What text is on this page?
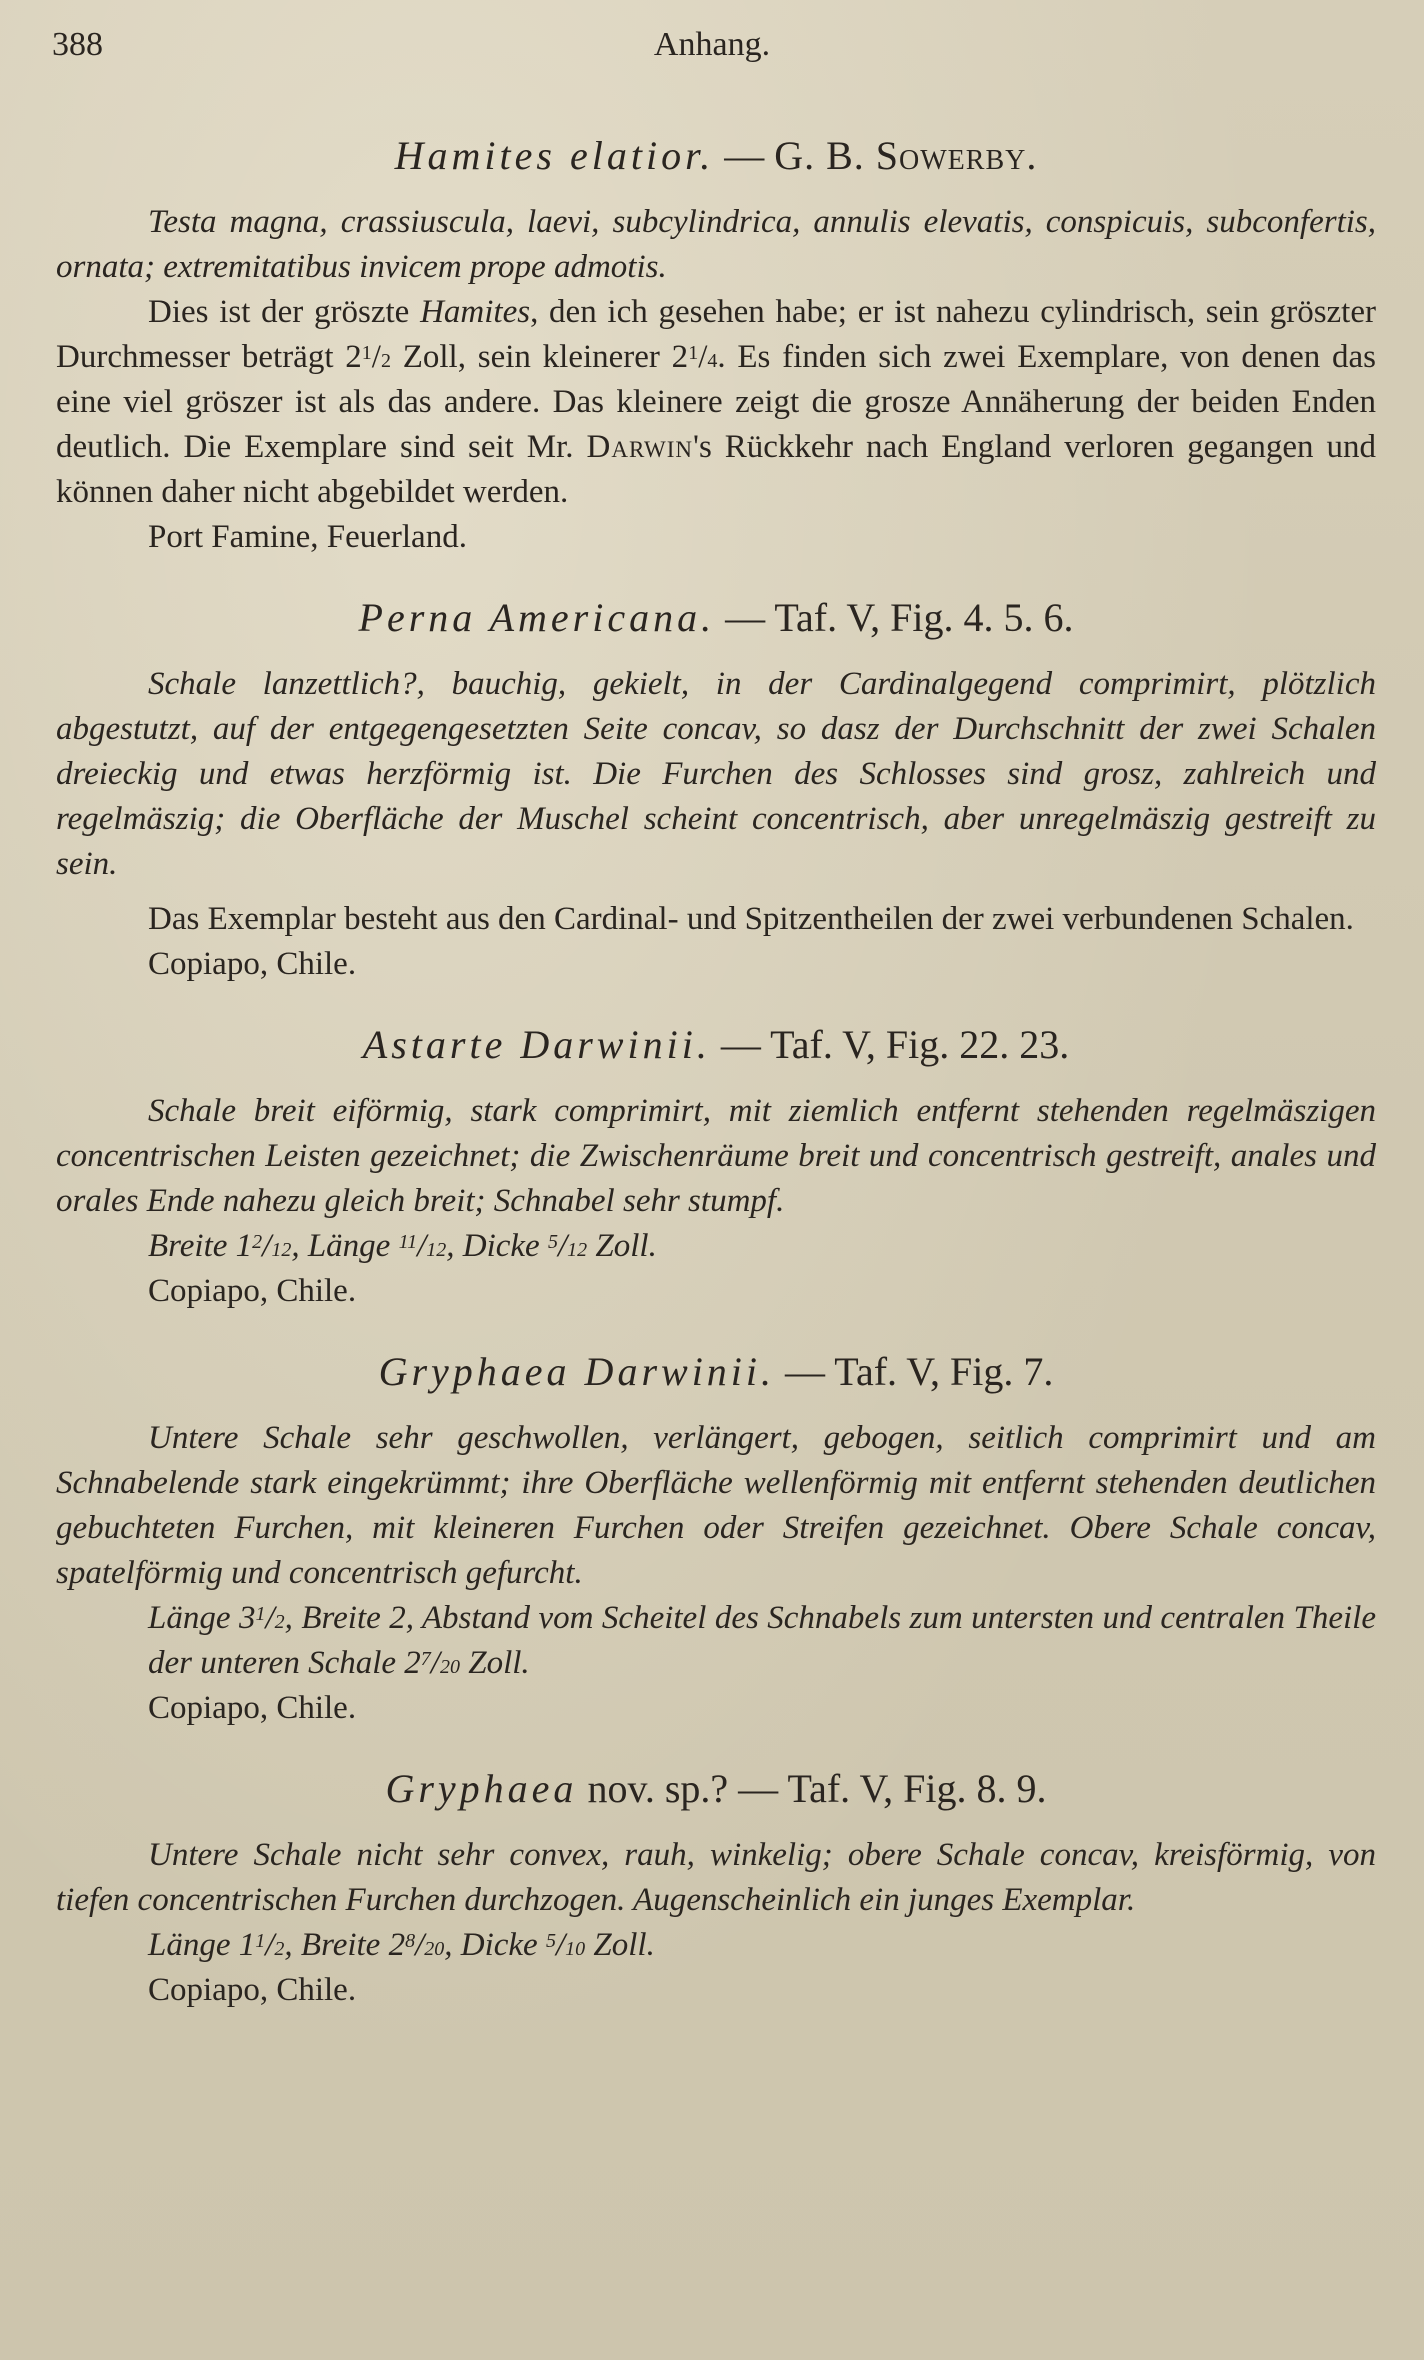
388	Anhang.
Hamites elatior. — G. B. Sowerby.

Testa magna, crassiuscula, laevi, subcylindrica, annulis elevatis, conspicuis, subconfertis, ornata; extremitatibus invicem prope admotis.

Dies ist der gröszte Hamites, den ich gesehen habe; er ist nahezu cylindrisch, sein gröszter Durchmesser beträgt $2^1/_2$ Zoll, sein kleinerer $2^1/_4$. Es finden sich zwei Exemplare, von denen das eine viel gröszer ist als das andere. Das kleinere zeigt die grosze Annäherung der beiden Enden deutlich. Die Exemplare sind seit Mr. Darwin's Rückkehr nach England verloren gegangen und können daher nicht abgebildet werden.

Port Famine, Feuerland.

Perna Americana. — Taf. V, Fig. 4. 5. 6.

Schale lanzettlich?, bauchig, gekielt, in der Cardinalgegend comprimirt, plötzlich abgestutzt, auf der entgegengesetzten Seite concav, so dasz der Durchschnitt der zwei Schalen dreieckig und etwas herzförmig ist. Die Furchen des Schlosses sind grosz, zahlreich und regelmäszig; die Oberfläche der Muschel scheint concentrisch, aber unregelmäszig gestreift zu sein.

Das Exemplar besteht aus den Cardinal- und Spitzentheilen der zwei verbundenen Schalen.

Copiapo, Chile.

Astarte Darwinii. — Taf. V, Fig. 22. 23.

Schale breit eiförmig, stark comprimirt, mit ziemlich entfernt stehenden regelmäszigen concentrischen Leisten gezeichnet; die Zwischenräume breit und concentrisch gestreift, anales und orales Ende nahezu gleich breit; Schnabel sehr stumpf.

Breite $1^2/_{12}$, Länge $^{11}/_{12}$, Dicke $^5/_{12}$ Zoll.

Copiapo, Chile.

Gryphaea Darwinii. — Taf. V, Fig. 7.

Untere Schale sehr geschwollen, verlängert, gebogen, seitlich comprimirt und am Schnabelende stark eingekrümmt; ihre Oberfläche wellenförmig mit entfernt stehenden deutlichen gebuchteten Furchen, mit kleineren Furchen oder Streifen gezeichnet. Obere Schale concav, spatelförmig und concentrisch gefurcht.

Länge $3^1/_2$, Breite 2, Abstand vom Scheitel des Schnabels zum untersten und centralen Theile der unteren Schale $2^7/_{20}$ Zoll.

Copiapo, Chile.

Gryphaea nov. sp.? — Taf. V, Fig. 8. 9.

Untere Schale nicht sehr convex, rauh, winkelig; obere Schale concav, kreisförmig, von tiefen concentrischen Furchen durchzogen. Augenscheinlich ein junges Exemplar.

Länge $1^1/_2$, Breite $2^8/_{20}$, Dicke $^5/_{10}$ Zoll.

Copiapo, Chile.
